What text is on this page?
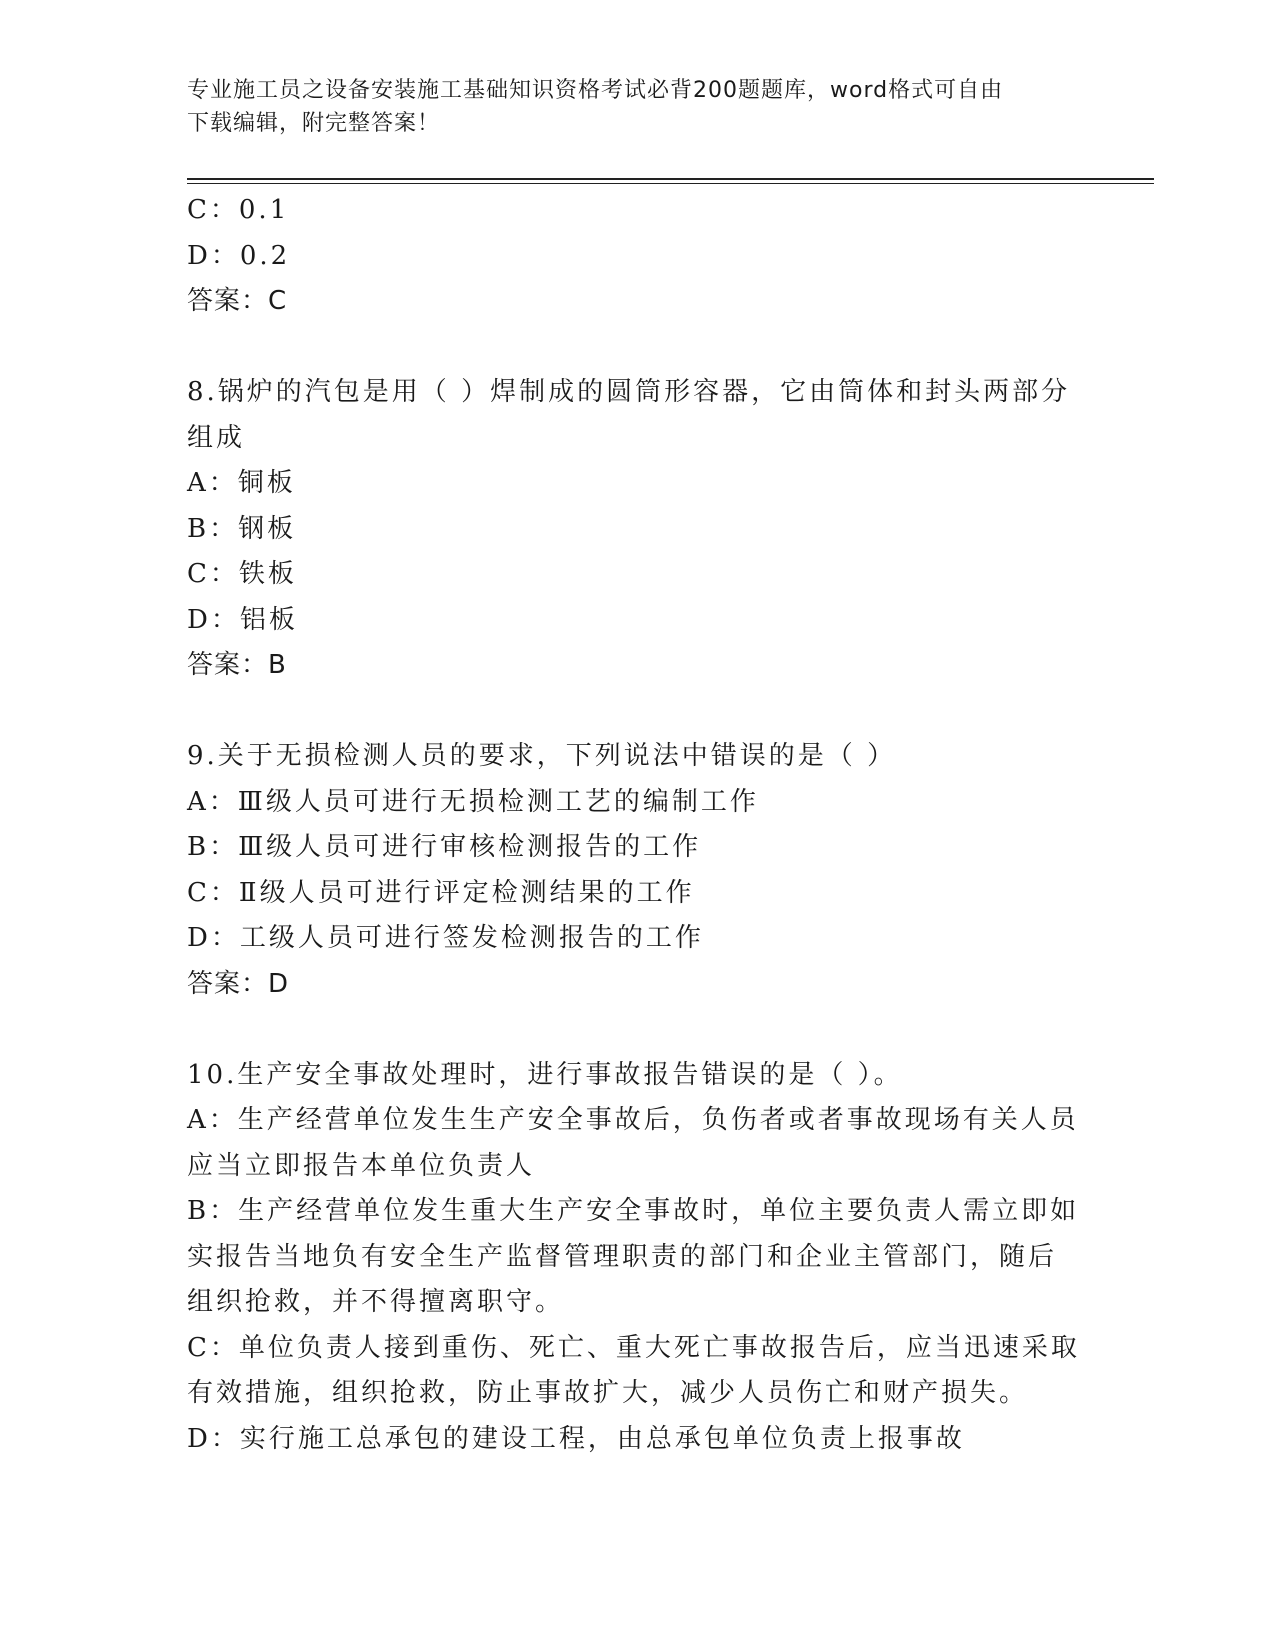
专业施工员之设备安装施工基础知识资格考试必背200题题库，word格式可自由
下载编辑，附完整答案！
C：0.1
D：0.2
答案：C
8.锅炉的汽包是用（ ）焊制成的圆筒形容器，它由筒体和封头两部分
组成
A：铜板
B：钢板
C：铁板
D：铝板
答案：B
9.关于无损检测人员的要求，下列说法中错误的是（ ）
A：Ⅲ级人员可进行无损检测工艺的编制工作
B：Ⅲ级人员可进行审核检测报告的工作
C：Ⅱ级人员可进行评定检测结果的工作
D：工级人员可进行签发检测报告的工作
答案：D
10.生产安全事故处理时，进行事故报告错误的是（ ）。
A：生产经营单位发生生产安全事故后，负伤者或者事故现场有关人员
应当立即报告本单位负责人
B：生产经营单位发生重大生产安全事故时，单位主要负责人需立即如
实报告当地负有安全生产监督管理职责的部门和企业主管部门，随后
组织抢救，并不得擅离职守。
C：单位负责人接到重伤、死亡、重大死亡事故报告后，应当迅速采取
有效措施，组织抢救，防止事故扩大，减少人员伤亡和财产损失。
D：实行施工总承包的建设工程，由总承包单位负责上报事故
